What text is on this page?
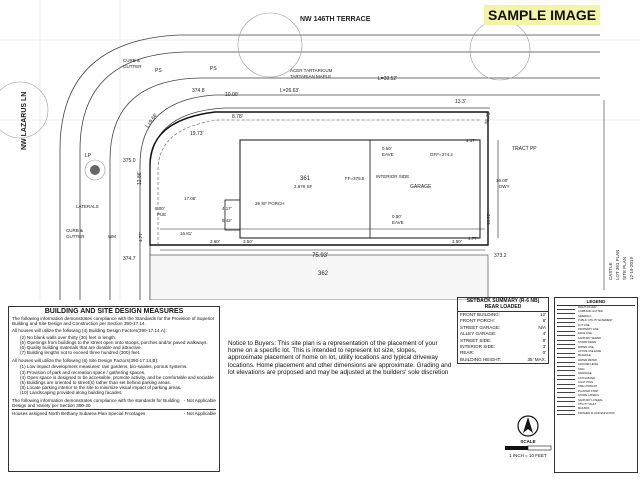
NW 146TH TERRACE
NW LAZARUS LN
ACER TARTARICUM
TARTARIAN MAPLE
CURB &
GUTTER
PS	PS
L=26.63'
L=30.52'
L=9.66'
374.8
10.00'
8.78'
13.3'
19.73'
28.75'
TRACT PP
LP
375.0
12.86'
0.50'
EAVE	GFF=374.2
4.17'
361
2,676 SF
FF=375.5	INTERIOR SIDE
GARAGE
16.00'
DWY
LATERALS
17.06'
8.00'
PUE
4.17'
35 SF PORCH
8.42'
16.81'
0.50'
EAVE	10.22'
CURB &
GUTTER	WM
3.60'	3.50'	3.50'
4.77'	4.77'
374.7	75.93'	373.2
362
SAMPLE IMAGE
CASTLE LOT 361 PLAN SITE PLAN 12-19-2019
BUILDING AND SITE DESIGN MEASURES

The following information demonstrates compliance with the Standards for the Provision of Superior Building and Site Design and Construction per Section 390-17.14.

All houses will utilize the following (4) Building Design Factors(390-17.14.A):

(2) No blank walls over thirty (30) feet in length.
(5) Openings from buildings to the street open onto stoops, porches and/or paved walkways.
(6) Quality building materials that are durable and attractive.
(7) Building lengths not to exceed three hundred (300) feet.

All houses will utilize the following (6) Site Design Factors(390-17.14.B):

(1) Low impact development measures: rain gardens, bio-swales, porous systems.
(3) Provision of park and recreation space / gathering spaces.
(4) Open space is designed to be accessible, promote activity, and be comfortable and sociable
(5) Buildings are oriented to street(s) rather than set behind parking areas.
(8) Locate parking interior to the site to minimize visual impact of parking areas.
(10) Landscaping provided along building facades

The following information demonstrates compliance with the standards for Building Design and Variety per Section 390-20
- Not Applicable

Houses assigned North Bethany Subarea Plan Special Frontages	- Not Applicable

Notice to Buyers: This site plan is a representation of the placement of your home on a specific lot. This is intended to represent lot size, slopes, approximate placement of home on lot, utility locations and typical driveway locations. Home placement and other dimensions are approximate. Grading and lot elevations are proposed and may be adjusted at the builders' sole discretion
SETBACK SUMMARY (R-6 NB)
REAR LOADED
FRONT BUILDING:	12'
FRONT PORCH:	8'
STREET GARAGE:	N/A
ALLEY GARAGE:	4'
STREET SIDE:	8'
INTERIOR SIDE:	3'
REAR:	0'
BUILDING HEIGHT:	35' MAX.
LEGEND
RIGHT-OF-WAY
CURB AND GUTTER
SIDEWALK
PUBLIC UTILITY EASEMENT
LOT LINE
PROPERTY LINE
EDGE LINE
SANITARY SEWER
STORM DRAIN
WATER LINE
ACTIVE USE EASE
MANHOLE
WATER METER
GROUND LEVEL
SIGN
DRAINAGE
CATCH BASIN
LIGHT POLE
FIRE HYDRANT
PLANTER STRIP
STORM LATERAL
SANITARY LATERAL
UTILITY VAULT
MAILBOX
FINISHED FLOOR ELEVATION
SCALE
1 INCH = 10 FEET
